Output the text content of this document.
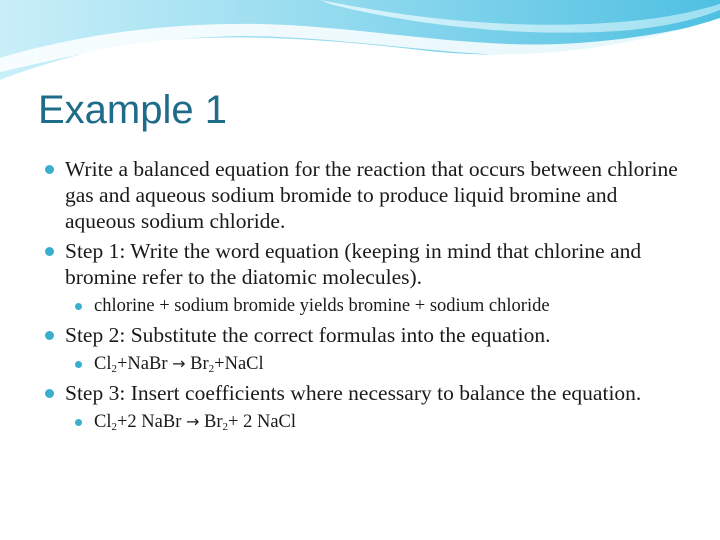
Example 1
Write a balanced equation for the reaction that occurs between chlorine gas and aqueous sodium bromide to produce liquid bromine and aqueous sodium chloride.
Step 1: Write the word equation (keeping in mind that chlorine and bromine refer to the diatomic molecules).
chlorine + sodium bromide yields bromine + sodium chloride
Step 2: Substitute the correct formulas into the equation.
$Cl_2+NaBr$ → $Br_2+NaCl$
Step 3: Insert coefficients where necessary to balance the equation.
$Cl_2+2$ NaBr → $Br_2+ 2$ NaCl
